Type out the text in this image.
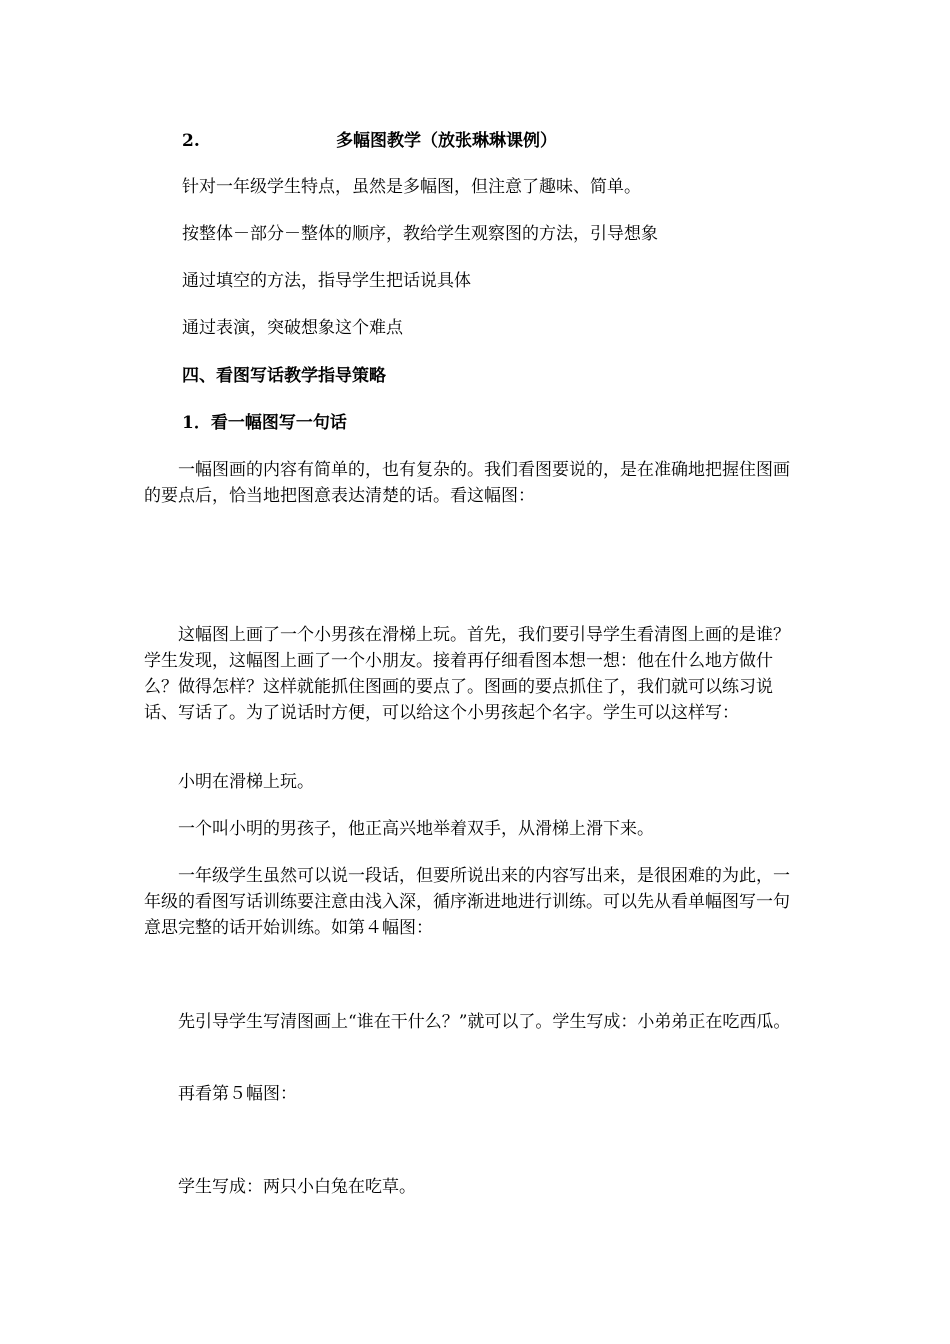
2.	多幅图教学（放张琳琳课例）

针对一年级学生特点，虽然是多幅图，但注意了趣味、简单。

按整体－部分－整体的顺序，教给学生观察图的方法，引导想象

通过填空的方法，指导学生把话说具体

通过表演，突破想象这个难点

四、看图写话教学指导策略

1．看一幅图写一句话

　　一幅图画的内容有简单的，也有复杂的。我们看图要说的，是在准确地把握住图画的要点后，恰当地把图意表达清楚的话。看这幅图：

　　这幅图上画了一个小男孩在滑梯上玩。首先，我们要引导学生看清图上画的是谁？学生发现，这幅图上画了一个小朋友。接着再仔细看图本想一想：他在什么地方做什么？做得怎样？这样就能抓住图画的要点了。图画的要点抓住了，我们就可以练习说话、写话了。为了说话时方便，可以给这个小男孩起个名字。学生可以这样写：

　　小明在滑梯上玩。

　　一个叫小明的男孩子，他正高兴地举着双手，从滑梯上滑下来。

　　一年级学生虽然可以说一段话，但要所说出来的内容写出来，是很困难的为此，一年级的看图写话训练要注意由浅入深，循序渐进地进行训练。可以先从看单幅图写一句意思完整的话开始训练。如第４幅图：

　　先引导学生写清图画上“谁在干什么？”就可以了。学生写成：小弟弟正在吃西瓜。

　　再看第５幅图：

　　学生写成：两只小白兔在吃草。
